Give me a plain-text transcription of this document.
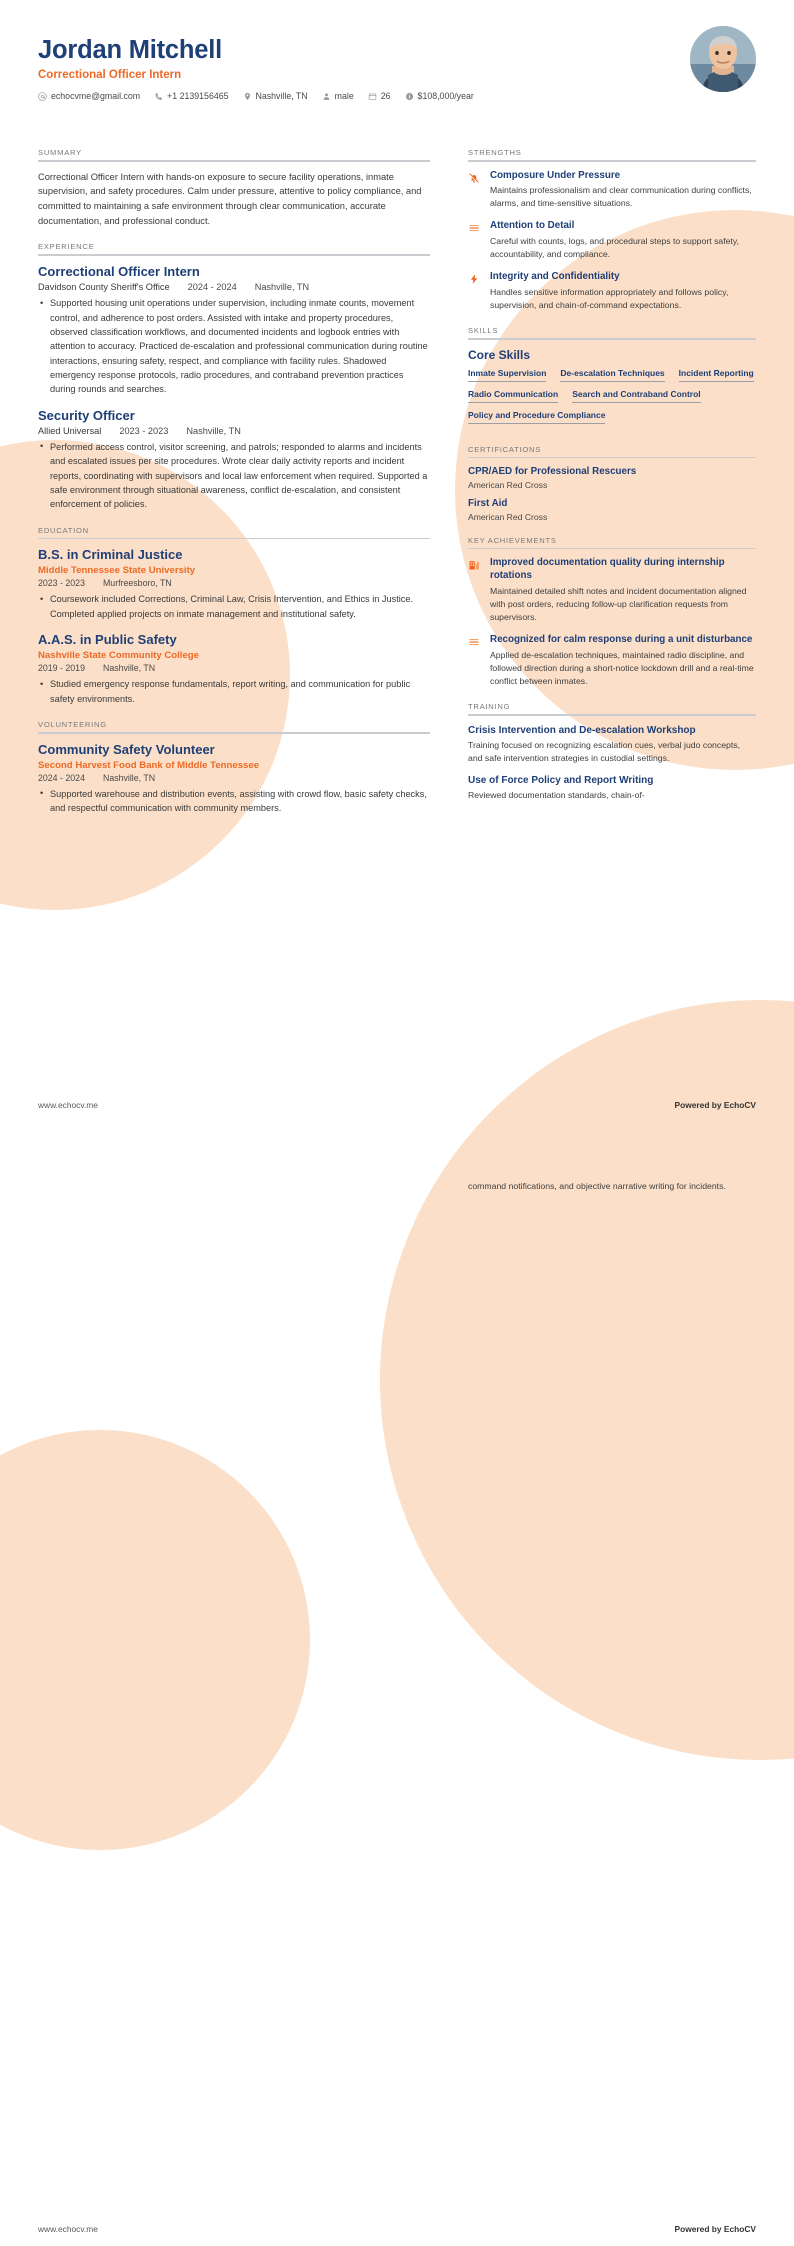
Jordan Mitchell
Correctional Officer Intern
echocvme@gmail.com	+1 2139156465	Nashville, TN	male	26	$108,000/year
SUMMARY
Correctional Officer Intern with hands-on exposure to secure facility operations, inmate supervision, and safety procedures. Calm under pressure, attentive to policy compliance, and committed to maintaining a safe environment through clear communication, accurate documentation, and professional conduct.
EXPERIENCE
Correctional Officer Intern
Davidson County Sheriff's Office 2024 - 2024 Nashville, TN
• Supported housing unit operations under supervision, including inmate counts, movement control, and adherence to post orders. Assisted with intake and property procedures, observed classification workflows, and documented incidents and logbook entries with attention to accuracy. Practiced de-escalation and professional communication during routine interactions, ensuring safety, respect, and compliance with facility rules. Shadowed emergency response protocols, radio procedures, and contraband prevention practices during rounds and searches.
Security Officer
Allied Universal 2023 - 2023 Nashville, TN
• Performed access control, visitor screening, and patrols; responded to alarms and incidents and escalated issues per site procedures. Wrote clear daily activity reports and incident reports, coordinating with supervisors and local law enforcement when required. Supported a safe environment through situational awareness, conflict de-escalation, and consistent enforcement of policies.
EDUCATION
B.S. in Criminal Justice
Middle Tennessee State University
2023 - 2023 Murfreesboro, TN
• Coursework included Corrections, Criminal Law, Crisis Intervention, and Ethics in Justice. Completed applied projects on inmate management and institutional safety.
A.A.S. in Public Safety
Nashville State Community College
2019 - 2019 Nashville, TN
• Studied emergency response fundamentals, report writing, and communication for public safety environments.
VOLUNTEERING
Community Safety Volunteer
Second Harvest Food Bank of Middle Tennessee
2024 - 2024 Nashville, TN
• Supported warehouse and distribution events, assisting with crowd flow, basic safety checks, and respectful communication with community members.
STRENGTHS
Composure Under Pressure
Maintains professionalism and clear communication during conflicts, alarms, and time-sensitive situations.
Attention to Detail
Careful with counts, logs, and procedural steps to support safety, accountability, and compliance.
Integrity and Confidentiality
Handles sensitive information appropriately and follows policy, supervision, and chain-of-command expectations.
SKILLS
Core Skills
Inmate Supervision De-escalation Techniques Incident Reporting
Radio Communication Search and Contraband Control
Policy and Procedure Compliance
CERTIFICATIONS
CPR/AED for Professional Rescuers
American Red Cross
First Aid
American Red Cross
KEY ACHIEVEMENTS
Improved documentation quality during internship rotations
Maintained detailed shift notes and incident documentation aligned with post orders, reducing follow-up clarification requests from supervisors.
Recognized for calm response during a unit disturbance
Applied de-escalation techniques, maintained radio discipline, and followed direction during a short-notice lockdown drill and a real-time conflict between inmates.
TRAINING
Crisis Intervention and De-escalation Workshop
Training focused on recognizing escalation cues, verbal judo concepts, and safe intervention strategies in custodial settings.
Use of Force Policy and Report Writing
Reviewed documentation standards, chain-of-
www.echocv.me	Powered by EchoCV
command notifications, and objective narrative writing for incidents.
www.echocv.me	Powered by EchoCV
